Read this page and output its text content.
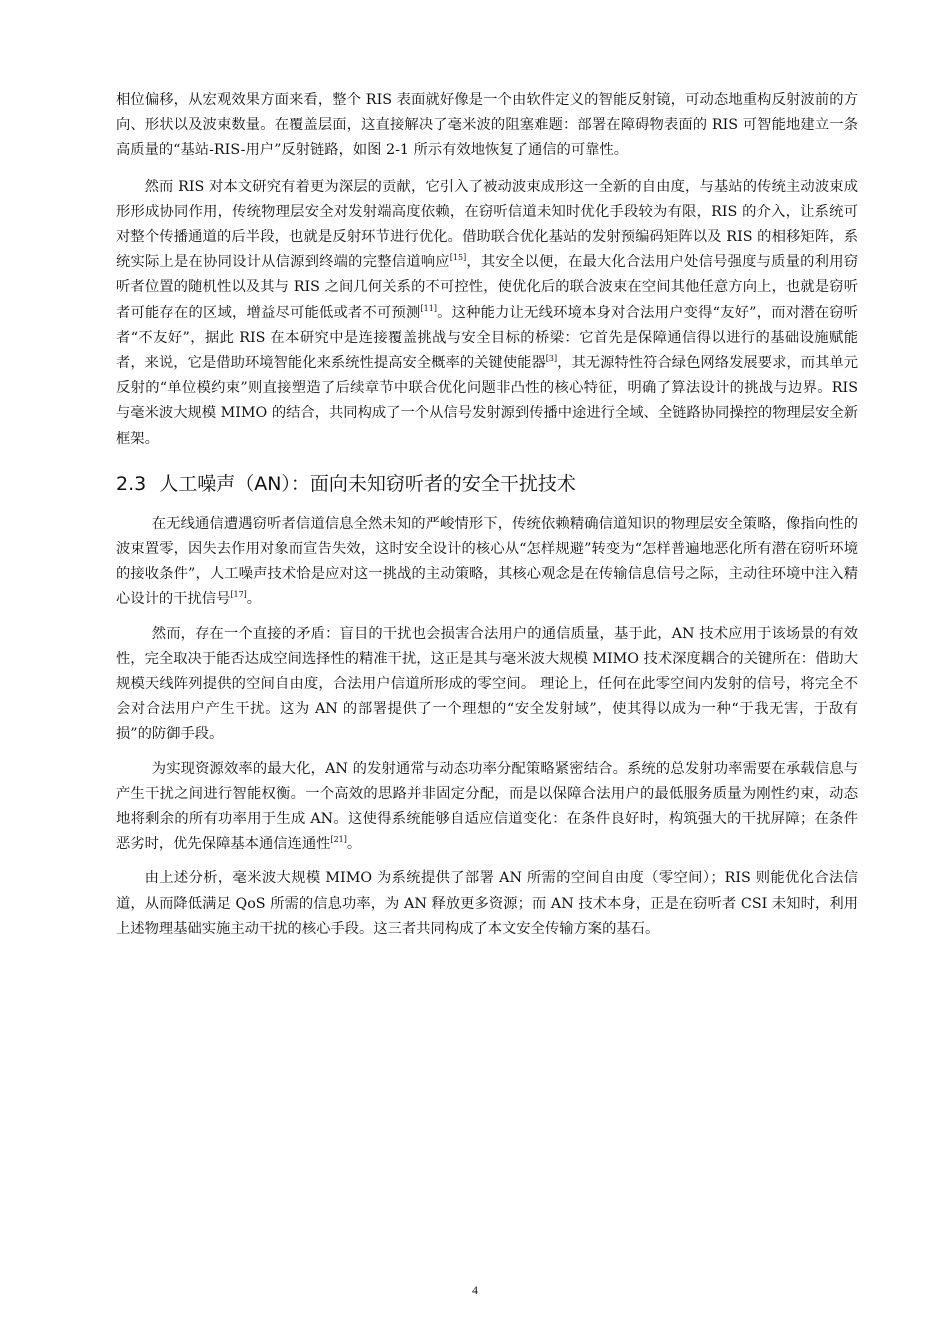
相位偏移，从宏观效果方面来看，整个 RIS 表面就好像是一个由软件定义的智能反射镜，可动态地重构反射波前的方向、形状以及波束数量。在覆盖层面，这直接解决了毫米波的阻塞难题：部署在障碍物表面的 RIS 可智能地建立一条高质量的“基站-RIS-用户”反射链路，如图 2-1 所示有效地恢复了通信的可靠性。

然而 RIS 对本文研究有着更为深层的贡献，它引入了被动波束成形这一全新的自由度，与基站的传统主动波束成形形成协同作用，传统物理层安全对发射端高度依赖，在窃听信道未知时优化手段较为有限，RIS 的介入，让系统可对整个传播通道的后半段，也就是反射环节进行优化。借助联合优化基站的发射预编码矩阵以及 RIS 的相移矩阵，系统实际上是在协同设计从信源到终端的完整信道响应[15]，其安全以便，在最大化合法用户处信号强度与质量的利用窃听者位置的随机性以及其与 RIS 之间几何关系的不可控性，使优化后的联合波束在空间其他任意方向上，也就是窃听者可能存在的区域，增益尽可能低或者不可预测[11]。这种能力让无线环境本身对合法用户变得“友好”，而对潜在窃听者“不友好”，据此 RIS 在本研究中是连接覆盖挑战与安全目标的桥梁：它首先是保障通信得以进行的基础设施赋能者，来说，它是借助环境智能化来系统性提高安全概率的关键使能器[3]，其无源特性符合绿色网络发展要求，而其单元反射的“单位模约束”则直接塑造了后续章节中联合优化问题非凸性的核心特征，明确了算法设计的挑战与边界。RIS 与毫米波大规模 MIMO 的结合，共同构成了一个从信号发射源到传播中途进行全域、全链路协同操控的物理层安全新框架。

2.3 人工噪声（AN）：面向未知窃听者的安全干扰技术

在无线通信遭遇窃听者信道信息全然未知的严峻情形下，传统依赖精确信道知识的物理层安全策略，像指向性的波束置零，因失去作用对象而宣告失效，这时安全设计的核心从“怎样规避”转变为“怎样普遍地恶化所有潜在窃听环境的接收条件”，人工噪声技术恰是应对这一挑战的主动策略，其核心观念是在传输信息信号之际，主动往环境中注入精心设计的干扰信号[17]。

然而，存在一个直接的矛盾：盲目的干扰也会损害合法用户的通信质量，基于此，AN 技术应用于该场景的有效性，完全取决于能否达成空间选择性的精准干扰，这正是其与毫米波大规模 MIMO 技术深度耦合的关键所在：借助大规模天线阵列提供的空间自由度，合法用户信道所形成的零空间。 理论上，任何在此零空间内发射的信号，将完全不会对合法用户产生干扰。这为 AN 的部署提供了一个理想的“安全发射域”，使其得以成为一种“于我无害，于敌有损”的防御手段。

为实现资源效率的最大化，AN 的发射通常与动态功率分配策略紧密结合。系统的总发射功率需要在承载信息与产生干扰之间进行智能权衡。一个高效的思路并非固定分配，而是以保障合法用户的最低服务质量为刚性约束，动态地将剩余的所有功率用于生成 AN。这使得系统能够自适应信道变化：在条件良好时，构筑强大的干扰屏障；在条件恶劣时，优先保障基本通信连通性[21]。

由上述分析，毫米波大规模 MIMO 为系统提供了部署 AN 所需的空间自由度（零空间）；RIS 则能优化合法信道，从而降低满足 QoS 所需的信息功率，为 AN 释放更多资源；而 AN 技术本身，正是在窃听者 CSI 未知时，利用上述物理基础实施主动干扰的核心手段。这三者共同构成了本文安全传输方案的基石。

4
